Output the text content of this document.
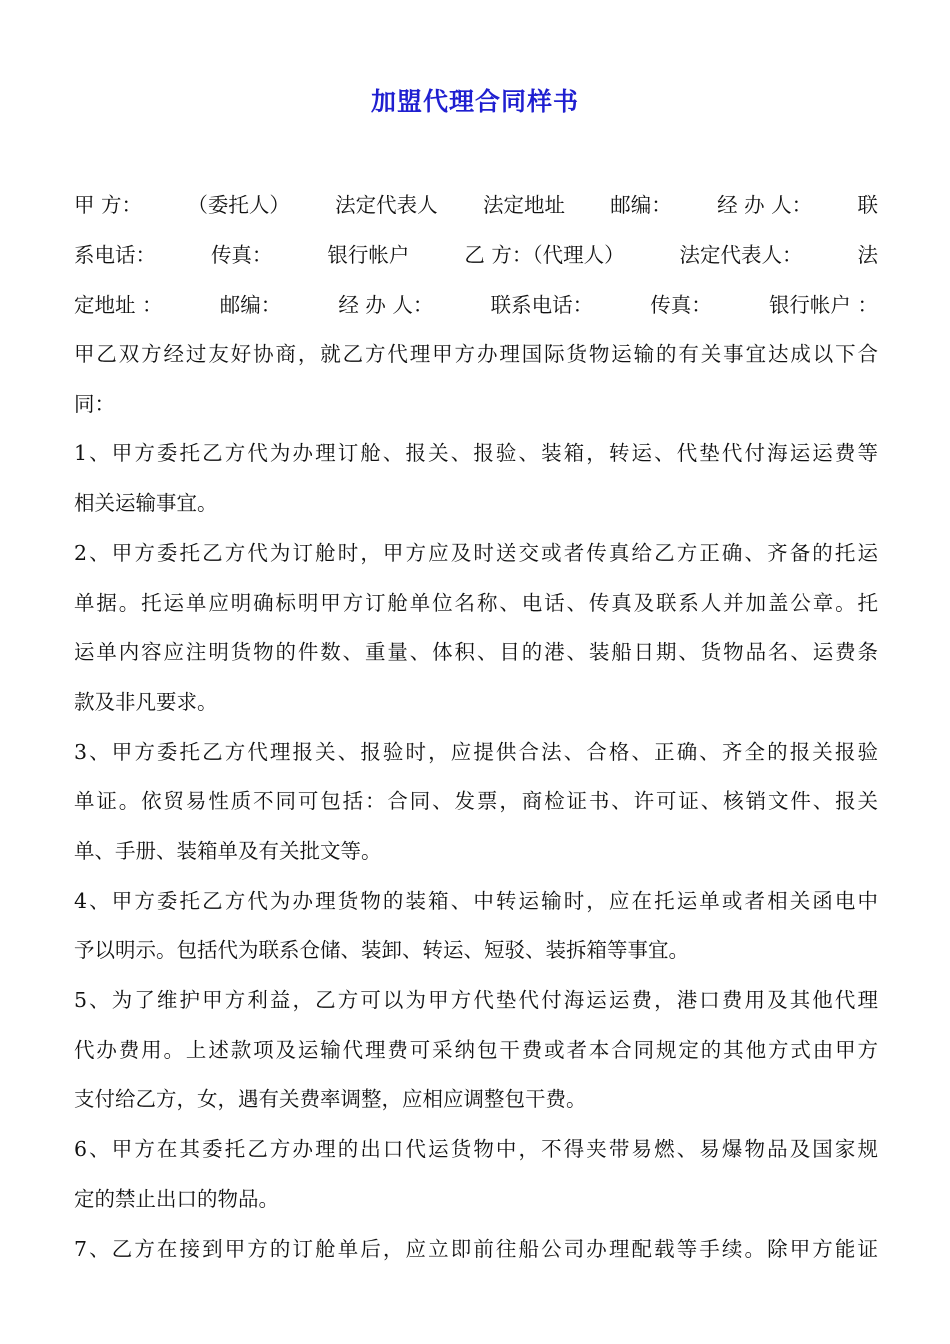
加盟代理合同样书
甲 方： （委托人） 法定代表人 法定地址 邮编： 经 办 人： 联
系电话：	传真：	银行帐户	乙 方：（代理人）	法定代表人：	法
定地址 ：	邮编：	经 办 人：	联系电话：	传真：	银行帐户 ：
甲乙双方经过友好协商，就乙方代理甲方办理国际货物运输的有关事宜达成以下合
同：
1、甲方委托乙方代为办理订舱、报关、报验、装箱，转运、代垫代付海运运费等
相关运输事宜。
2、甲方委托乙方代为订舱时，甲方应及时送交或者传真给乙方正确、齐备的托运
单据。托运单应明确标明甲方订舱单位名称、电话、传真及联系人并加盖公章。托
运单内容应注明货物的件数、重量、体积、目的港、装船日期、货物品名、运费条
款及非凡要求。
3、甲方委托乙方代理报关、报验时，应提供合法、合格、正确、齐全的报关报验
单证。依贸易性质不同可包括：合同、发票，商检证书、许可证、核销文件、报关
单、手册、装箱单及有关批文等。
4、甲方委托乙方代为办理货物的装箱、中转运输时，应在托运单或者相关函电中
予以明示。包括代为联系仓储、装卸、转运、短驳、装拆箱等事宜。
5、为了维护甲方利益，乙方可以为甲方代垫代付海运运费，港口费用及其他代理
代办费用。上述款项及运输代理费可采纳包干费或者本合同规定的其他方式由甲方
支付给乙方，女，遇有关费率调整，应相应调整包干费。
6、甲方在其委托乙方办理的出口代运货物中，不得夹带易燃、易爆物品及国家规
定的禁止出口的物品。
7、乙方在接到甲方的订舱单后，应立即前往船公司办理配载等手续。除甲方能证
